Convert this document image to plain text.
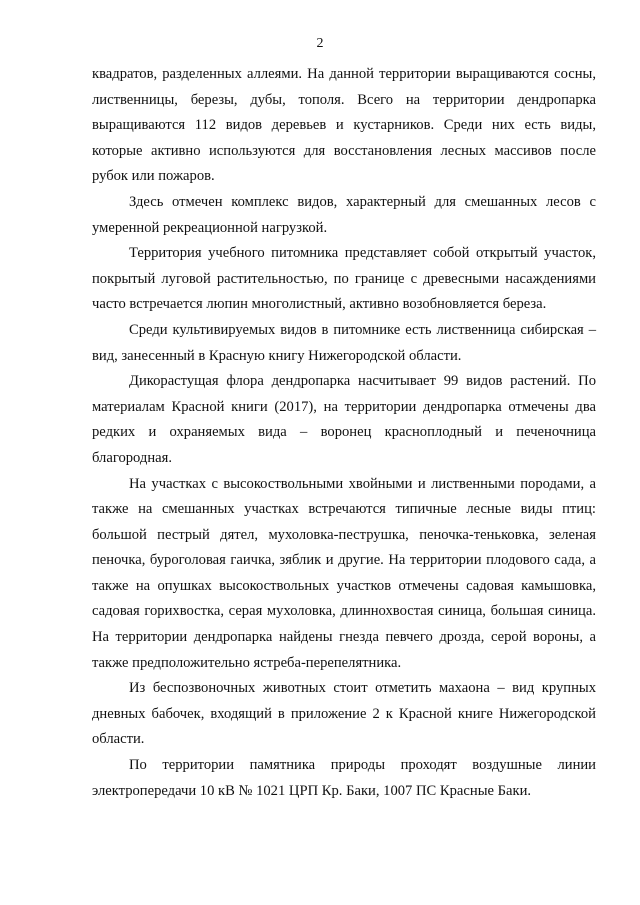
2

квадратов, разделенных аллеями. На данной территории выращиваются сосны, лиственницы, березы, дубы, тополя. Всего на территории дендропарка выращиваются 112 видов деревьев и кустарников. Среди них есть виды, которые активно используются для восстановления лесных массивов после рубок или пожаров.

Здесь отмечен комплекс видов, характерный для смешанных лесов с умеренной рекреационной нагрузкой.

Территория учебного питомника представляет собой открытый участок, покрытый луговой растительностью, по границе с древесными насаждениями часто встречается люпин многолистный, активно возобновляется береза.

Среди культивируемых видов в питомнике есть лиственница сибирская – вид, занесенный в Красную книгу Нижегородской области.

Дикорастущая флора дендропарка насчитывает 99 видов растений. По материалам Красной книги (2017), на территории дендропарка отмечены два редких и охраняемых вида – воронец красноплодный и печеночница благородная.

На участках с высокоствольными хвойными и лиственными породами, а также на смешанных участках встречаются типичные лесные виды птиц: большой пестрый дятел, мухоловка-пеструшка, пеночка-теньковка, зеленая пеночка, буроголовая гаичка, зяблик и другие. На территории плодового сада, а также на опушках высокоствольных участков отмечены садовая камышовка, садовая горихвостка, серая мухоловка, длиннохвостая синица, большая синица. На территории дендропарка найдены гнезда певчего дрозда, серой вороны, а также предположительно ястреба-перепелятника.

Из беспозвоночных животных стоит отметить махаона – вид крупных дневных бабочек, входящий в приложение 2 к Красной книге Нижегородской области.

По территории памятника природы проходят воздушные линии электропередачи 10 кВ № 1021 ЦРП Кр. Баки, 1007 ПС Красные Баки.
